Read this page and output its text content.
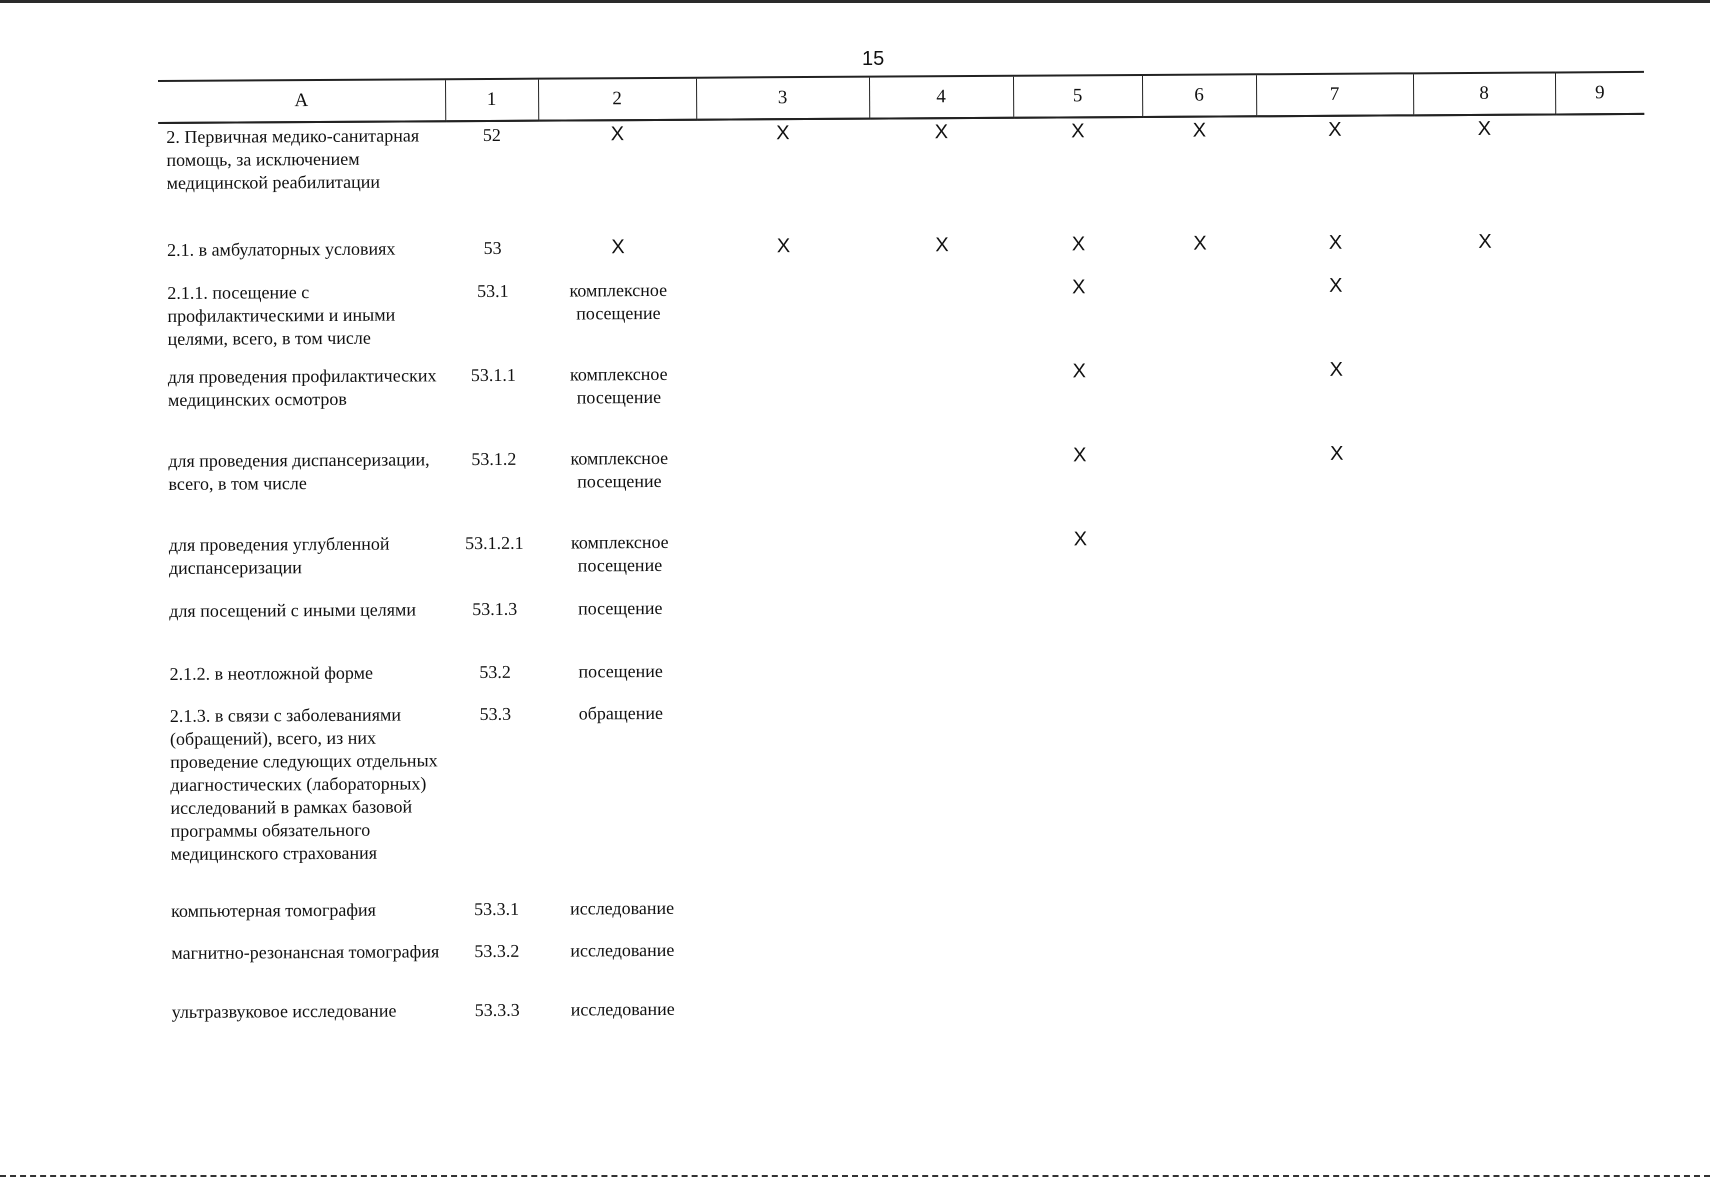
15
А	1	2	3	4	5	6	7	8	9
2. Первичная медико-санитарная помощь, за исключением медицинской реабилитации	52	X	X	X	X	X	X	X	
2.1. в амбулаторных условиях	53	X	X	X	X	X	X	X	
2.1.1. посещение с профилактическими и иными целями, всего, в том числе	53.1	комплексное посещение			X		X		
для проведения профилактических медицинских осмотров	53.1.1	комплексное посещение			X		X		
для проведения диспансеризации, всего, в том числе	53.1.2	комплексное посещение			X		X		
для проведения углубленной диспансеризации	53.1.2.1	комплексное посещение			X				
для посещений с иными целями	53.1.3	посещение							
2.1.2. в неотложной форме	53.2	посещение							
2.1.3. в связи с заболеваниями (обращений), всего, из них проведение следующих отдельных диагностических (лабораторных) исследований в рамках базовой программы обязательного медицинского страхования	53.3	обращение							
компьютерная томография	53.3.1	исследование							
магнитно-резонансная томография	53.3.2	исследование							
ультразвуковое исследование	53.3.3	исследование							
